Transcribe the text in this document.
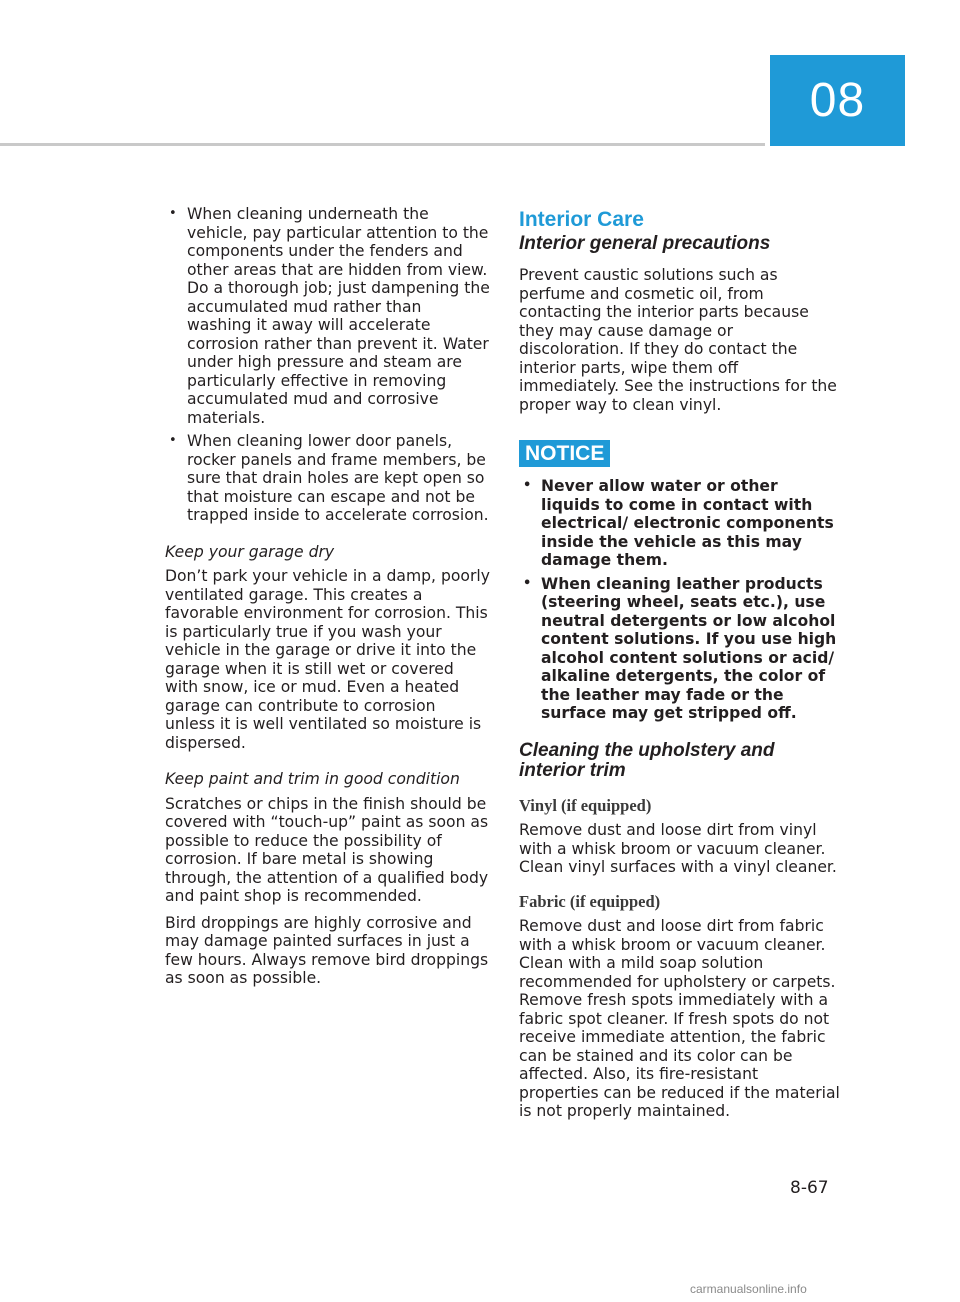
08
• When cleaning underneath the vehicle, pay particular attention to the components under the fenders and other areas that are hidden from view. Do a thorough job; just dampening the accumulated mud rather than washing it away will accelerate corrosion rather than prevent it. Water under high pressure and steam are particularly effective in removing accumulated mud and corrosive materials.
• When cleaning lower door panels, rocker panels and frame members, be sure that drain holes are kept open so that moisture can escape and not be trapped inside to accelerate corrosion.
Keep your garage dry

Don’t park your vehicle in a damp, poorly ventilated garage. This creates a favorable environment for corrosion. This is particularly true if you wash your vehicle in the garage or drive it into the garage when it is still wet or covered with snow, ice or mud. Even a heated garage can contribute to corrosion unless it is well ventilated so moisture is dispersed.

Keep paint and trim in good condition

Scratches or chips in the finish should be covered with “touch-up” paint as soon as possible to reduce the possibility of corrosion. If bare metal is showing through, the attention of a qualified body and paint shop is recommended.

Bird droppings are highly corrosive and may damage painted surfaces in just a few hours. Always remove bird droppings as soon as possible.

Interior Care
Interior general precautions

Prevent caustic solutions such as perfume and cosmetic oil, from contacting the interior parts because they may cause damage or discoloration. If they do contact the interior parts, wipe them off immediately. See the instructions for the proper way to clean vinyl.

NOTICE
• Never allow water or other liquids to come in contact with electrical/ electronic components inside the vehicle as this may damage them.
• When cleaning leather products (steering wheel, seats etc.), use neutral detergents or low alcohol content solutions. If you use high alcohol content solutions or acid/ alkaline detergents, the color of the leather may fade or the surface may get stripped off.
Cleaning the upholstery and interior trim
Vinyl (if equipped)

Remove dust and loose dirt from vinyl with a whisk broom or vacuum cleaner. Clean vinyl surfaces with a vinyl cleaner.

Fabric (if equipped)

Remove dust and loose dirt from fabric with a whisk broom or vacuum cleaner. Clean with a mild soap solution recommended for upholstery or carpets. Remove fresh spots immediately with a fabric spot cleaner. If fresh spots do not receive immediate attention, the fabric can be stained and its color can be affected. Also, its fire-resistant properties can be reduced if the material is not properly maintained.

8-67
carmanualsonline.info
